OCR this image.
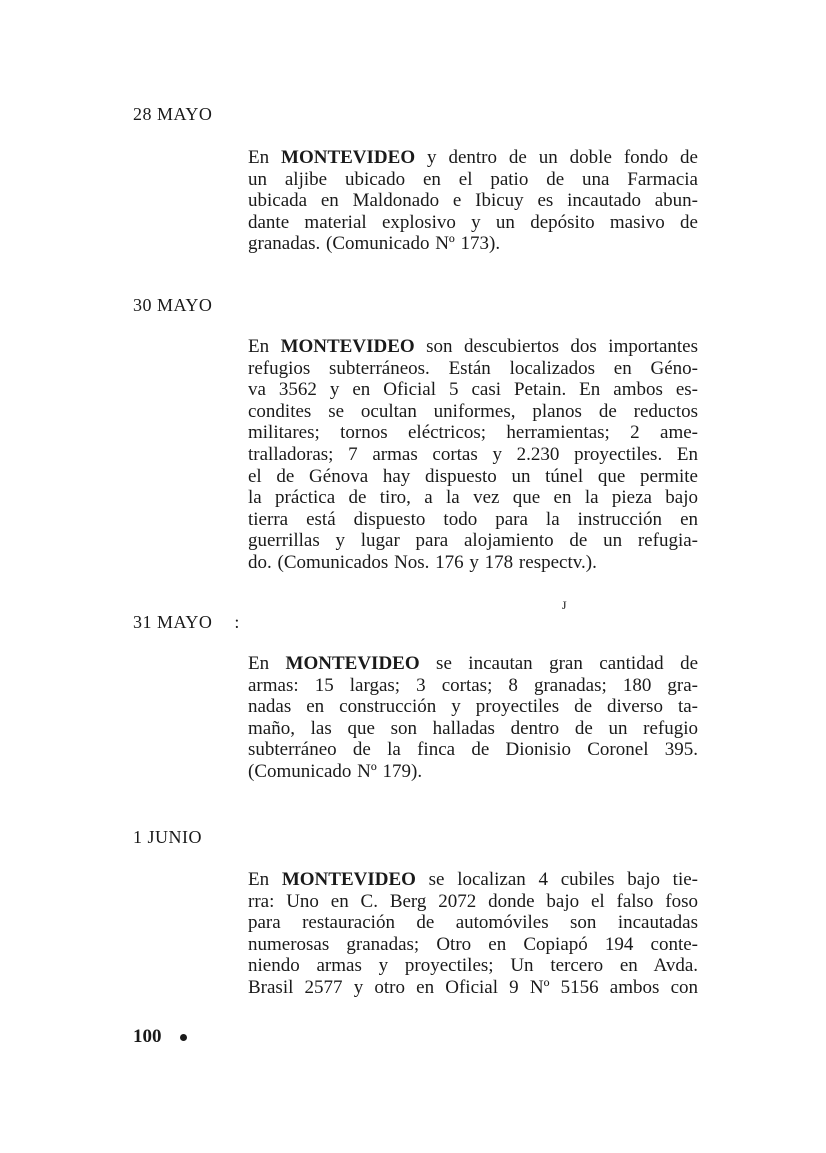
28 MAYO
En MONTEVIDEO y dentro de un doble fondo de
un aljibe ubicado en el patio de una Farmacia
ubicada en Maldonado e Ibicuy es incautado abun-
dante material explosivo y un depósito masivo de
granadas. (Comunicado Nº 173).
30 MAYO
En MONTEVIDEO son descubiertos dos importantes
refugios subterráneos. Están localizados en Géno-
va 3562 y en Oficial 5 casi Petain. En ambos es-
condites se ocultan uniformes, planos de reductos
militares; tornos eléctricos; herramientas; 2 ame-
tralladoras; 7 armas cortas y 2.230 proyectiles. En
el de Génova hay dispuesto un túnel que permite
la práctica de tiro, a la vez que en la pieza bajo
tierra está dispuesto todo para la instrucción en
guerrillas y lugar para alojamiento de un refugia-
do. (Comunicados Nos. 176 y 178 respectv.).
ᴊ
31 MAYO :
En MONTEVIDEO se incautan gran cantidad de
armas: 15 largas; 3 cortas; 8 granadas; 180 gra-
nadas en construcción y proyectiles de diverso ta-
maño, las que son halladas dentro de un refugio
subterráneo de la finca de Dionisio Coronel 395.
(Comunicado Nº 179).
1 JUNIO
En MONTEVIDEO se localizan 4 cubiles bajo tie-
rra: Uno en C. Berg 2072 donde bajo el falso foso
para restauración de automóviles son incautadas
numerosas granadas; Otro en Copiapó 194 conte-
niendo armas y proyectiles; Un tercero en Avda.
Brasil 2577 y otro en Oficial 9 Nº 5156 ambos con
100
